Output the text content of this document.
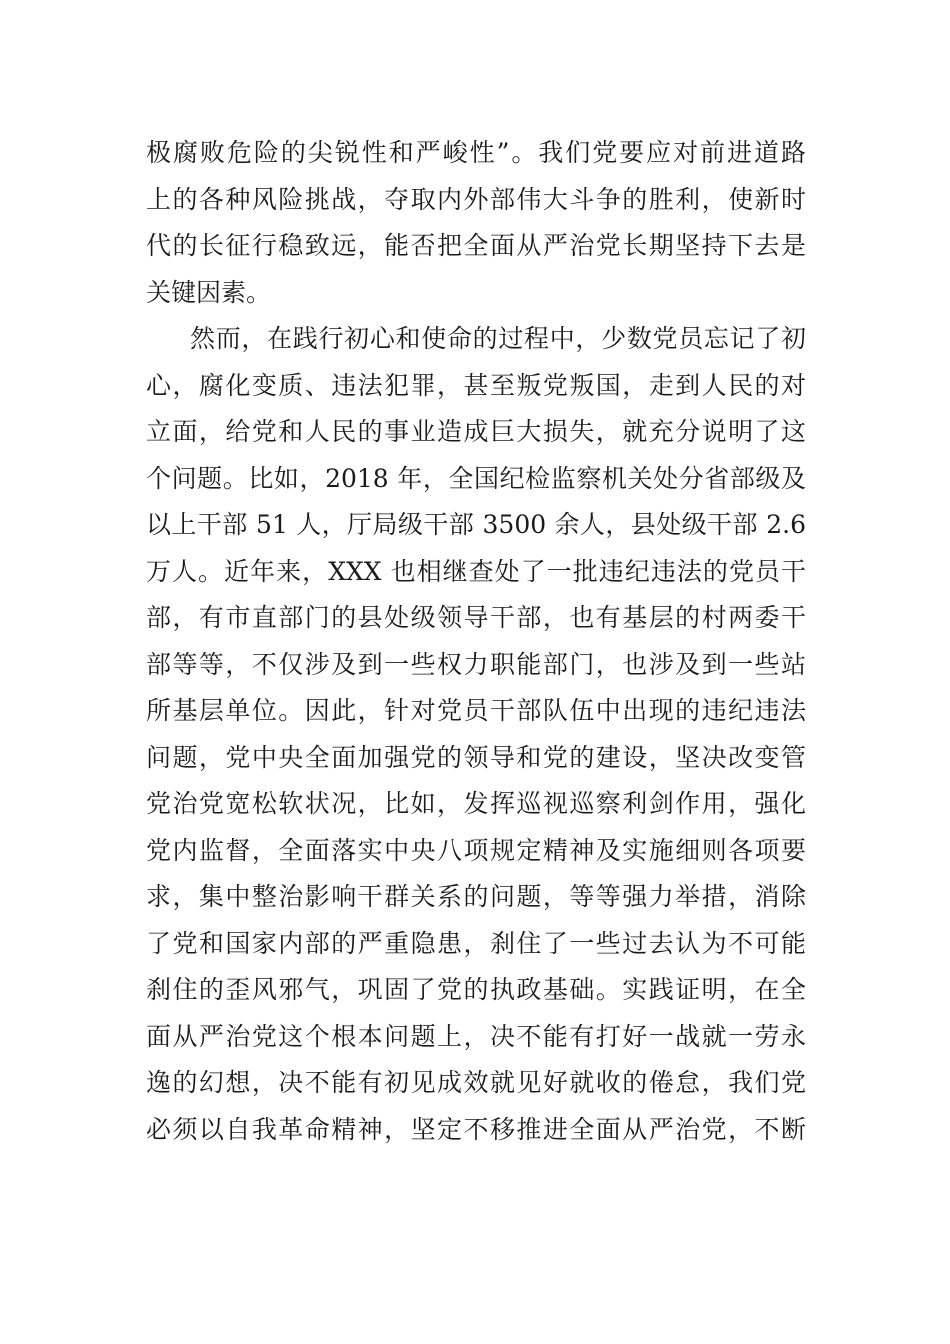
极腐败危险的尖锐性和严峻性”。我们党要应对前进道路
上的各种风险挑战，夺取内外部伟大斗争的胜利，使新时
代的长征行稳致远，能否把全面从严治党长期坚持下去是
关键因素。
然而，在践行初心和使命的过程中，少数党员忘记了初
心，腐化变质、违法犯罪，甚至叛党叛国，走到人民的对
立面，给党和人民的事业造成巨大损失，就充分说明了这
个问题。比如，2018 年，全国纪检监察机关处分省部级及
以上干部 51 人，厅局级干部 3500 余人，县处级干部 2.6
万人。近年来，XXX 也相继查处了一批违纪违法的党员干
部，有市直部门的县处级领导干部，也有基层的村两委干
部等等，不仅涉及到一些权力职能部门，也涉及到一些站
所基层单位。因此，针对党员干部队伍中出现的违纪违法
问题，党中央全面加强党的领导和党的建设，坚决改变管
党治党宽松软状况，比如，发挥巡视巡察利剑作用，强化
党内监督，全面落实中央八项规定精神及实施细则各项要
求，集中整治影响干群关系的问题，等等强力举措，消除
了党和国家内部的严重隐患，刹住了一些过去认为不可能
刹住的歪风邪气，巩固了党的执政基础。实践证明，在全
面从严治党这个根本问题上，决不能有打好一战就一劳永
逸的幻想，决不能有初见成效就见好就收的倦怠，我们党
必须以自我革命精神，坚定不移推进全面从严治党，不断
